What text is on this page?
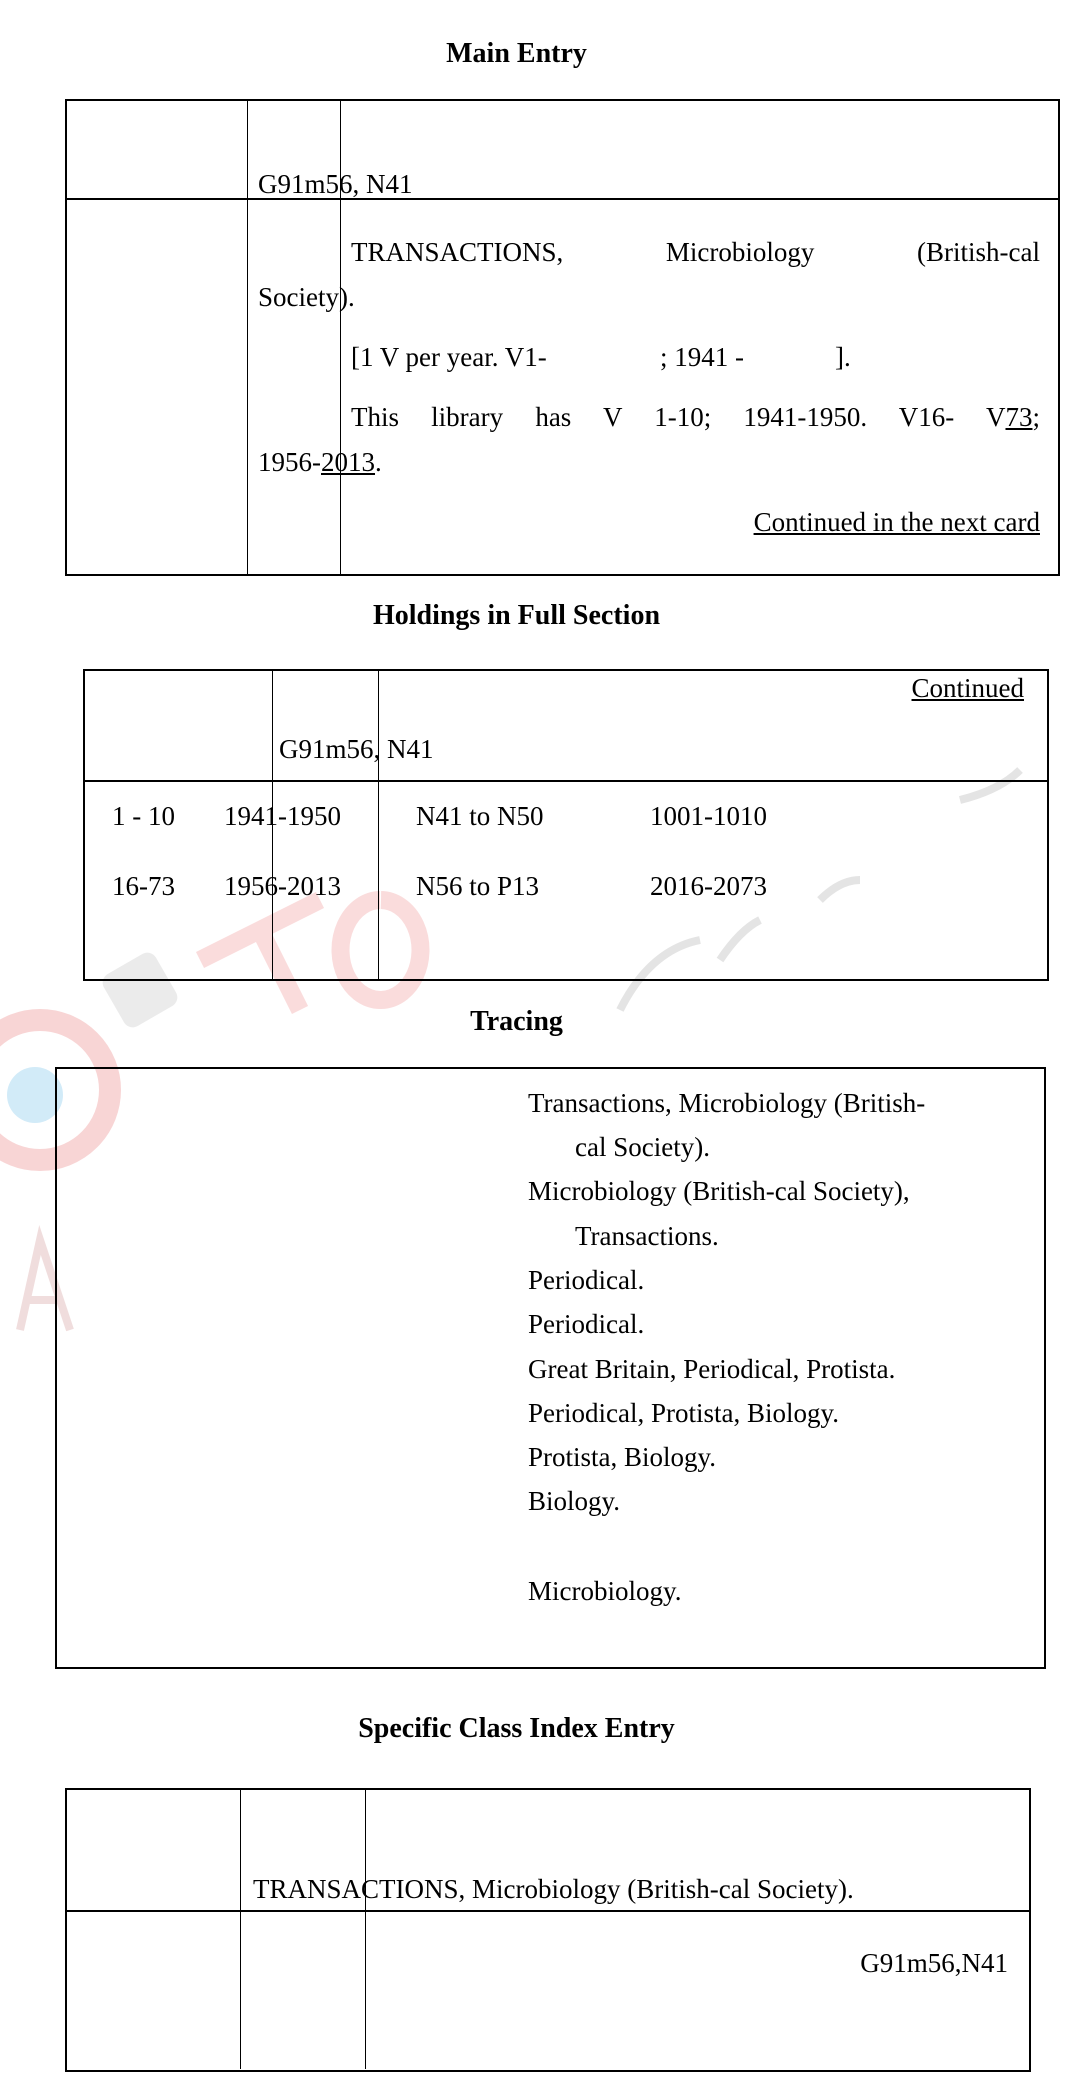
Main Entry
G91m56, N41
TRANSACTIONS, Microbiology (British-cal
Society).
[1 V per year. V1-	; 1941 -	].
This library has V 1-10; 1941-1950. V16- V73;
1956-2013.
Continued in the next card
Holdings in Full Section
Continued
G91m56, N41
1 - 10 1941-1950	N41 to N50	1001-1010
16-73 1956-2013	N56 to P13	2016-2073
Tracing
Transactions, Microbiology (British-
cal Society).
Microbiology (British-cal Society),
Transactions.
Periodical.
Periodical.
Great Britain, Periodical, Protista.
Periodical, Protista, Biology.
Protista, Biology.
Biology.
Microbiology.
Specific Class Index Entry
TRANSACTIONS, Microbiology (British-cal Society).
G91m56,N41
